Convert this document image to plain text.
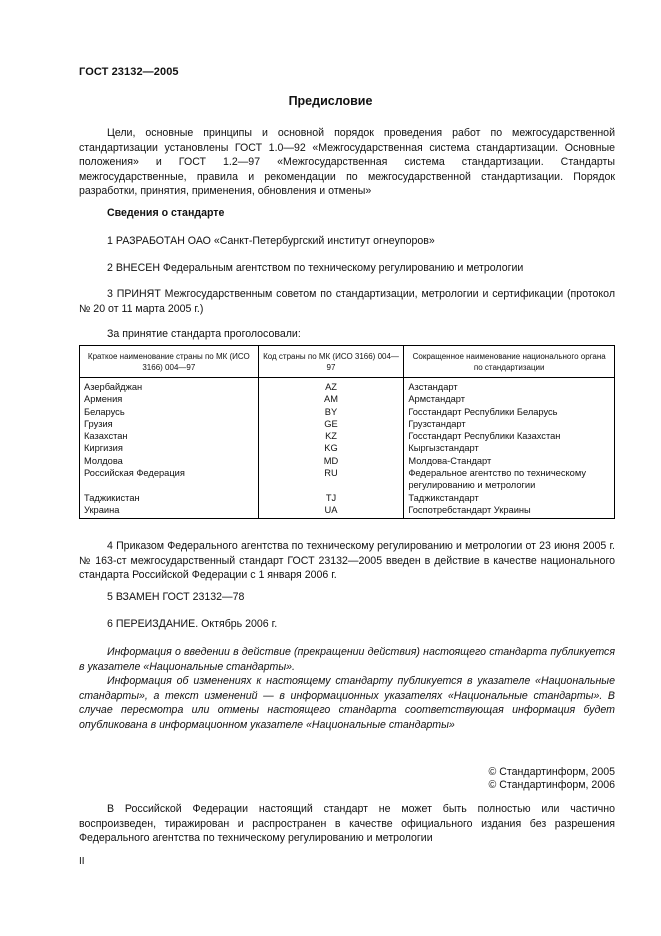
ГОСТ 23132—2005
Предисловие
Цели, основные принципы и основной порядок проведения работ по межгосударственной стандартизации установлены ГОСТ 1.0—92 «Межгосударственная система стандартизации. Основные положения» и ГОСТ 1.2—97 «Межгосударственная система стандартизации. Стандарты межгосударственные, правила и рекомендации по межгосударственной стандартизации. Порядок разработки, принятия, применения, обновления и отмены»
Сведения о стандарте
1 РАЗРАБОТАН ОАО «Санкт-Петербургский институт огнеупоров»
2 ВНЕСЕН Федеральным агентством по техническому регулированию и метрологии
3 ПРИНЯТ Межгосударственным советом по стандартизации, метрологии и сертификации (протокол № 20 от 11 марта 2005 г.)
За принятие стандарта проголосовали:
Краткое наименование страны по МК (ИСО 3166) 004—97	Код страны по МК (ИСО 3166) 004—97	Сокращенное наименование национального органа по стандартизации
Азербайджан	AZ	Азстандарт
Армения	AM	Армстандарт
Беларусь	BY	Госстандарт Республики Беларусь
Грузия	GE	Грузстандарт
Казахстан	KZ	Госстандарт Республики Казахстан
Киргизия	KG	Кыргызстандарт
Молдова	MD	Молдова-Стандарт
Российская Федерация	RU	Федеральное агентство по техническому регулированию и метрологии
Таджикистан	TJ	Таджикстандарт
Украина	UA	Госпотребстандарт Украины
4 Приказом Федерального агентства по техническому регулированию и метрологии от 23 июня 2005 г. № 163-ст межгосударственный стандарт ГОСТ 23132—2005 введен в действие в качестве национального стандарта Российской Федерации с 1 января 2006 г.
5 ВЗАМЕН ГОСТ 23132—78
6 ПЕРЕИЗДАНИЕ. Октябрь 2006 г.
Информация о введении в действие (прекращении действия) настоящего стандарта публикуется в указателе «Национальные стандарты».
Информация об изменениях к настоящему стандарту публикуется в указателе «Национальные стандарты», а текст изменений — в информационных указателях «Национальные стандарты». В случае пересмотра или отмены настоящего стандарта соответствующая информация будет опубликована в информационном указателе «Национальные стандарты»
© Стандартинформ, 2005
© Стандартинформ, 2006
В Российской Федерации настоящий стандарт не может быть полностью или частично воспроизведен, тиражирован и распространен в качестве официального издания без разрешения Федерального агентства по техническому регулированию и метрологии
II
